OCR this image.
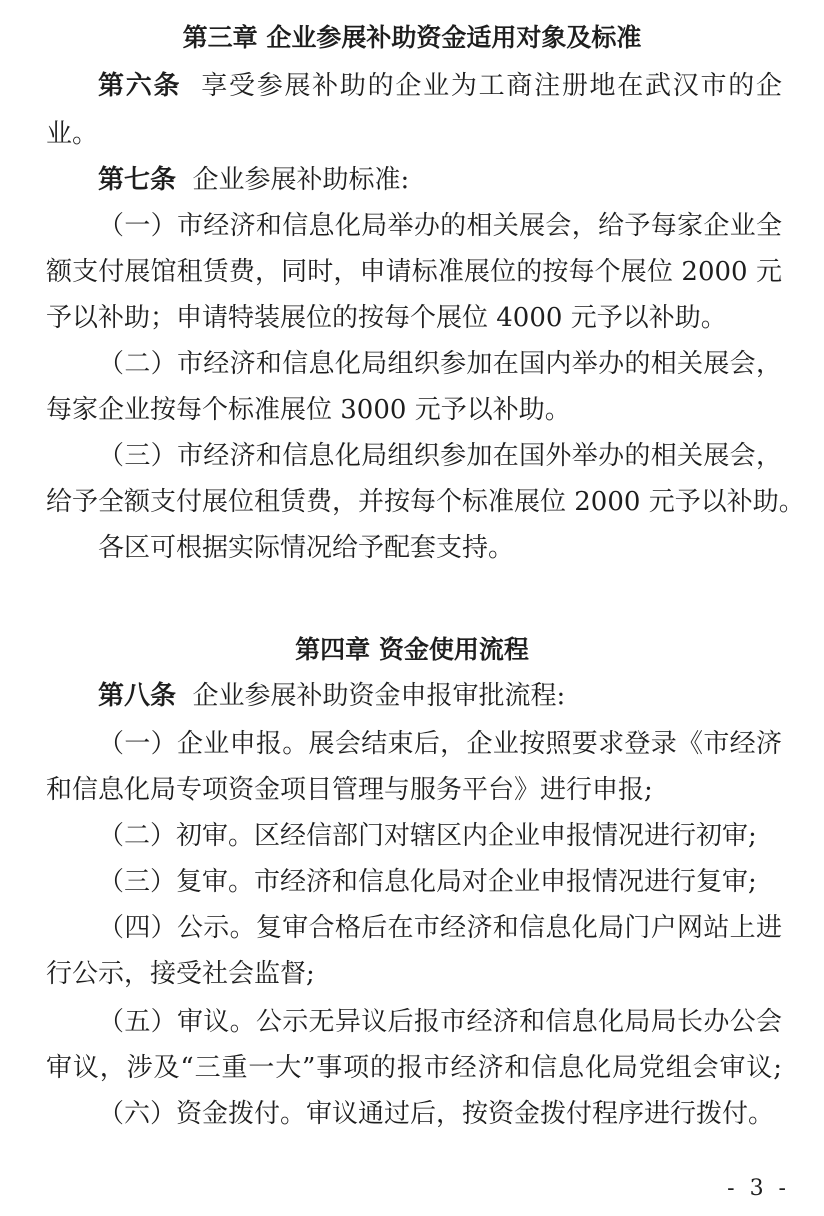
第三章 企业参展补助资金适用对象及标准
第六条 享受参展补助的企业为工商注册地在武汉市的企
业。
第七条 企业参展补助标准:
（一）市经济和信息化局举办的相关展会，给予每家企业全
额支付展馆租赁费，同时，申请标准展位的按每个展位 2000 元
予以补助；申请特装展位的按每个展位 4000 元予以补助。
（二）市经济和信息化局组织参加在国内举办的相关展会，
每家企业按每个标准展位 3000 元予以补助。
（三）市经济和信息化局组织参加在国外举办的相关展会，
给予全额支付展位租赁费，并按每个标准展位 2000 元予以补助。
各区可根据实际情况给予配套支持。
第四章 资金使用流程
第八条 企业参展补助资金申报审批流程:
（一）企业申报。展会结束后，企业按照要求登录《市经济
和信息化局专项资金项目管理与服务平台》进行申报;
（二）初审。区经信部门对辖区内企业申报情况进行初审;
（三）复审。市经济和信息化局对企业申报情况进行复审;
（四）公示。复审合格后在市经济和信息化局门户网站上进
行公示，接受社会监督;
（五）审议。公示无异议后报市经济和信息化局局长办公会
审议，涉及“三重一大”事项的报市经济和信息化局党组会审议;
（六）资金拨付。审议通过后，按资金拨付程序进行拨付。
- 3 -
